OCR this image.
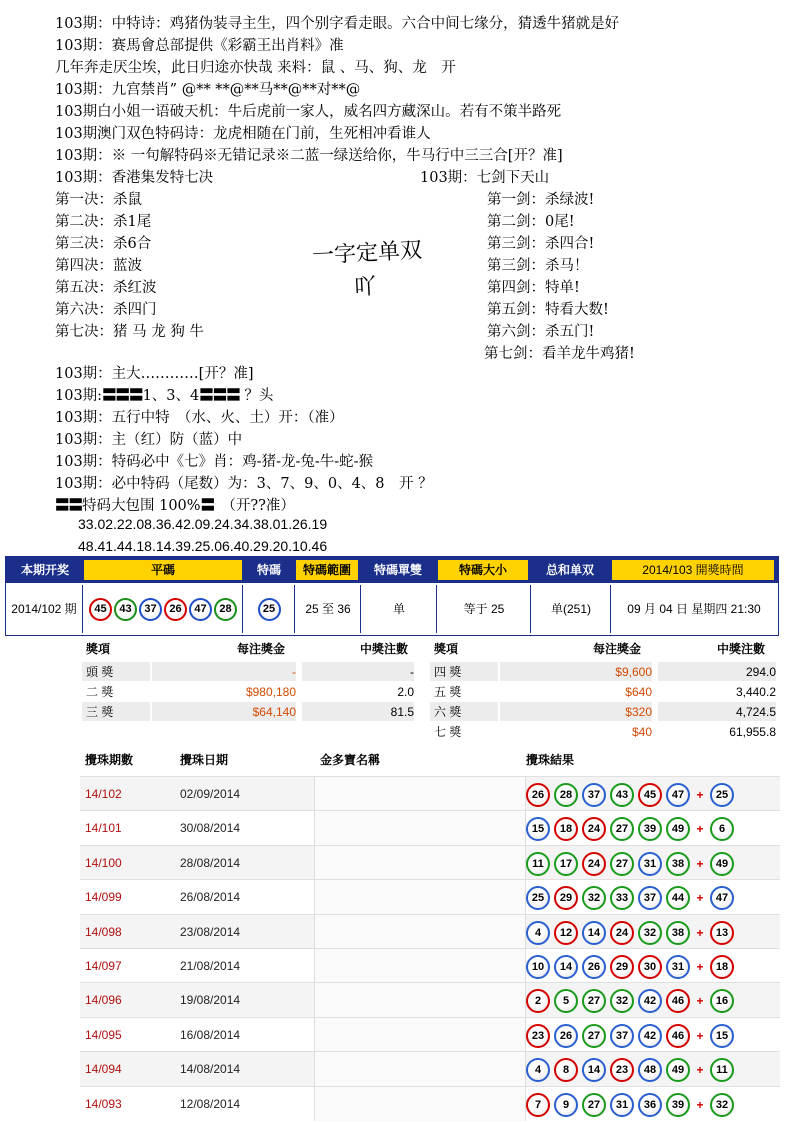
103期：中特诗：鸡猪伪装寻主生，四个别字看走眼。六合中间七缘分，猜透牛猪就是好
103期：赛馬會总部提供《彩霸王出肖料》准
几年奔走厌尘埃，此日归途亦快哉 来料：鼠 、马、狗、龙　开
103期：九宫禁肖” @** **@**马**@**对**@
103期白小姐一语破天机：牛后虎前一家人，威名四方藏深山。若有不策半路死
103期澳门双色特码诗：龙虎相随在门前，生死相冲看谁人
103期：※ 一句解特码※无错记录※二蓝一绿送给你，牛马行中三三合[开？准]
103期：香港集发特七决
第一决：杀鼠
第二决：杀1尾
第三决：杀6合
第四决：蓝波
第五决：杀红波
第六决：杀四门
第七决：猪 马 龙 狗 牛
一字定单双
吖
103期：七剑下天山
第一剑：杀绿波!
第二剑：0尾!
第三剑：杀四合!
第三剑：杀马！
第四剑：特单!
第五剑：特看大数!
第六剑：杀五门!
第七剑：看羊龙牛鸡猪!
103期：主大…………[开？准]
103期:〓〓〓1、3、4〓〓〓 ？头
103期：五行中特　（水、火、土）开：（准）
103期：主（红）防（蓝）中
103期：特码必中《七》肖：鸡-猪-龙-兔-牛-蛇-猴
103期：必中特码（尾数）为：3、7、9、0、4、8　开 ？
〓〓特码大包围 100%〓　（开??准）
33.02.22.08.36.42.09.24.34.38.01.26.19
48.41.44.18.14.39.25.06.40.29.20.10.46
本期开奖	平碼	特碼	特碼範圍	特碼單雙	特碼大小	总和单双	2014/103 開獎時間
2014/102 期	45 43 37 26 47 28	25	25 至 36	单	等于 25	单(251)	09 月 04 日 星期四 21:30
獎項	每注獎金	中獎注數 獎項	每注獎金	中獎注數
頭 獎	-	-
二 獎	$980,180	2.0
三 獎	$64,140	81.5
四 獎	$9,600	294.0
五 獎	$640	3,440.2
六 獎	$320	4,724.5
七 獎	$40	61,955.8
攪珠期數	攪珠日期	金多寶名稱	攪珠結果
14/102	02/09/2014	26 28 37 43 45 47 + 25
14/101	30/08/2014	15 18 24 27 39 49 + 6
14/100	28/08/2014	11 17 24 27 31 38 + 49
14/099	26/08/2014	25 29 32 33 37 44 + 47
14/098	23/08/2014	4 12 14 24 32 38 + 13
14/097	21/08/2014	10 14 26 29 30 31 + 18
14/096	19/08/2014	2 5 27 32 42 46 + 16
14/095	16/08/2014	23 26 27 37 42 46 + 15
14/094	14/08/2014	4 8 14 23 48 49 + 11
14/093	12/08/2014	7 9 27 31 36 39 + 32
